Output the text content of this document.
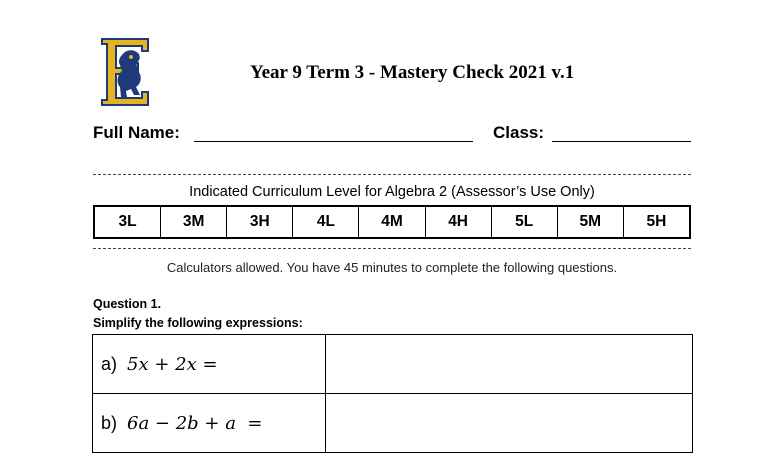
Year 9 Term 3 - Mastery Check 2021 v.1
Full Name:	Class:
Indicated Curriculum Level for Algebra 2 (Assessor’s Use Only)
3L	3M	3H	4L	4M	4H	5L	5M	5H
Calculators allowed. You have 45 minutes to complete the following questions.
Question 1.
Simplify the following expressions:
a) 5x + 2x =	
b) 6a − 2b + a  =	
